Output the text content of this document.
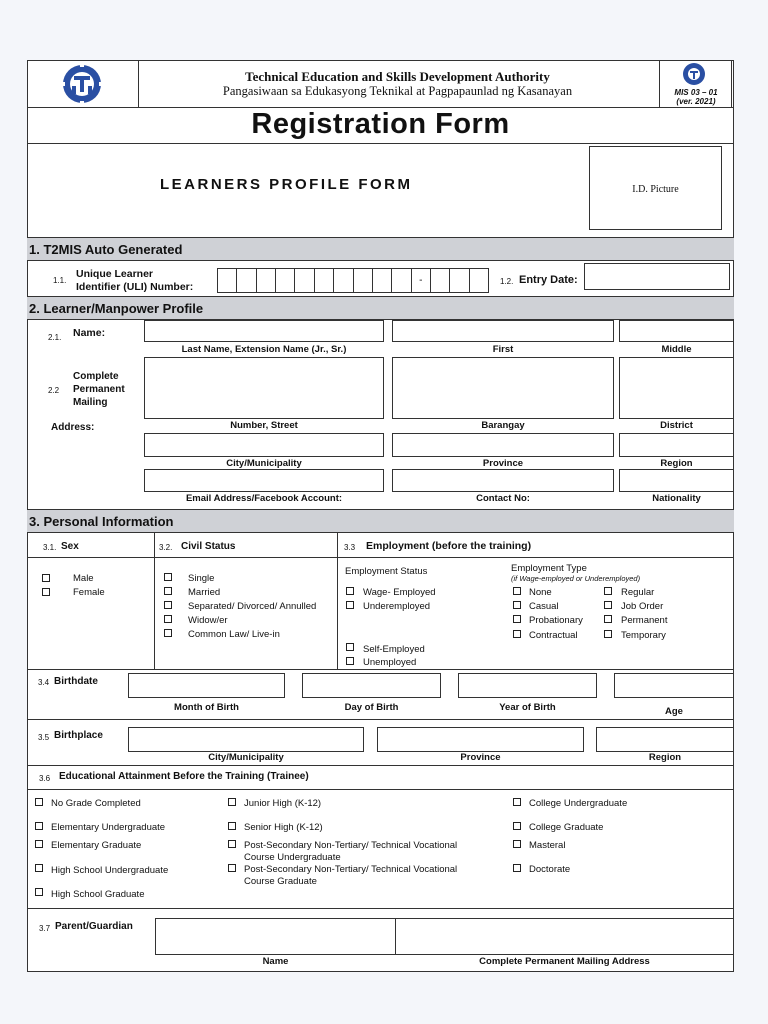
Technical Education and Skills Development Authority
Pangasiwaan sa Edukasyong Teknikal at Pagpapaunlad ng Kasanayan	MIS 03 – 01
(ver. 2021)
Registration Form
LEARNERS PROFILE FORM	I.D. Picture
1. T2MIS Auto Generated
1.1.
Unique Learner
Identifier (ULI) Number:
-	1.2. Entry Date:
2. Learner/Manpower Profile
2.1. Name:
Last Name, Extension Name (Jr., Sr.)	First	Middle
2.2
Complete
Permanent
Mailing
Address:	Number, Street	Barangay	District
City/Municipality	Province	Region
Email Address/Facebook Account:	Contact No:	Nationality
3. Personal Information
3.1. Sex
Male
Female
3.2. Civil Status
Single
Married
Separated/ Divorced/ Annulled
Widow/er
Common Law/ Live-in
3.3 Employment (before the training)
Employment Status
Wage- Employed
Underemployed
Self-Employed
Unemployed
Employment Type
(if Wage-employed or Underemployed)
None
Casual
Probationary
Contractual
Regular
Job Order
Permanent
Temporary
3.4 Birthdate
Month of Birth	Day of Birth	Year of Birth	Age
3.5 Birthplace
City/Municipality	Province	Region
3.6 Educational Attainment Before the Training (Trainee)
No Grade Completed
Elementary Undergraduate
Elementary Graduate
High School Undergraduate
High School Graduate
Junior High (K-12)
Senior High (K-12)
Post-Secondary Non-Tertiary/ Technical Vocational
Course Undergraduate
Post-Secondary Non-Tertiary/ Technical Vocational
Course Graduate
College Undergraduate
College Graduate
Masteral
Doctorate
3.7 Parent/Guardian
Name	Complete Permanent Mailing Address
